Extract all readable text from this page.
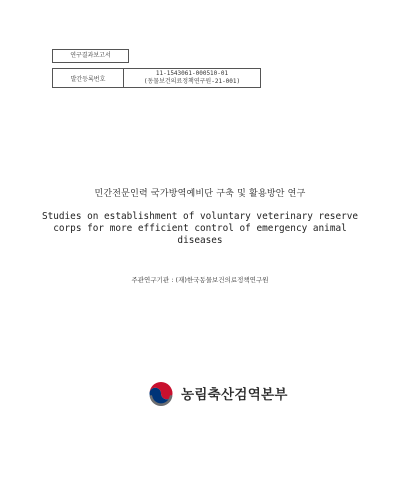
연구결과보고서
발간등록번호
11-1543061-000510-01
(동물보건의료정책연구원-21-001)
민간전문인력 국가방역예비단 구축 및 활용방안 연구
Studies on establishment of voluntary veterinary reserve
corps for more efficient control of emergency animal
diseases
주관연구기관 : (재)한국동물보건의료정책연구원
농림축산검역본부
